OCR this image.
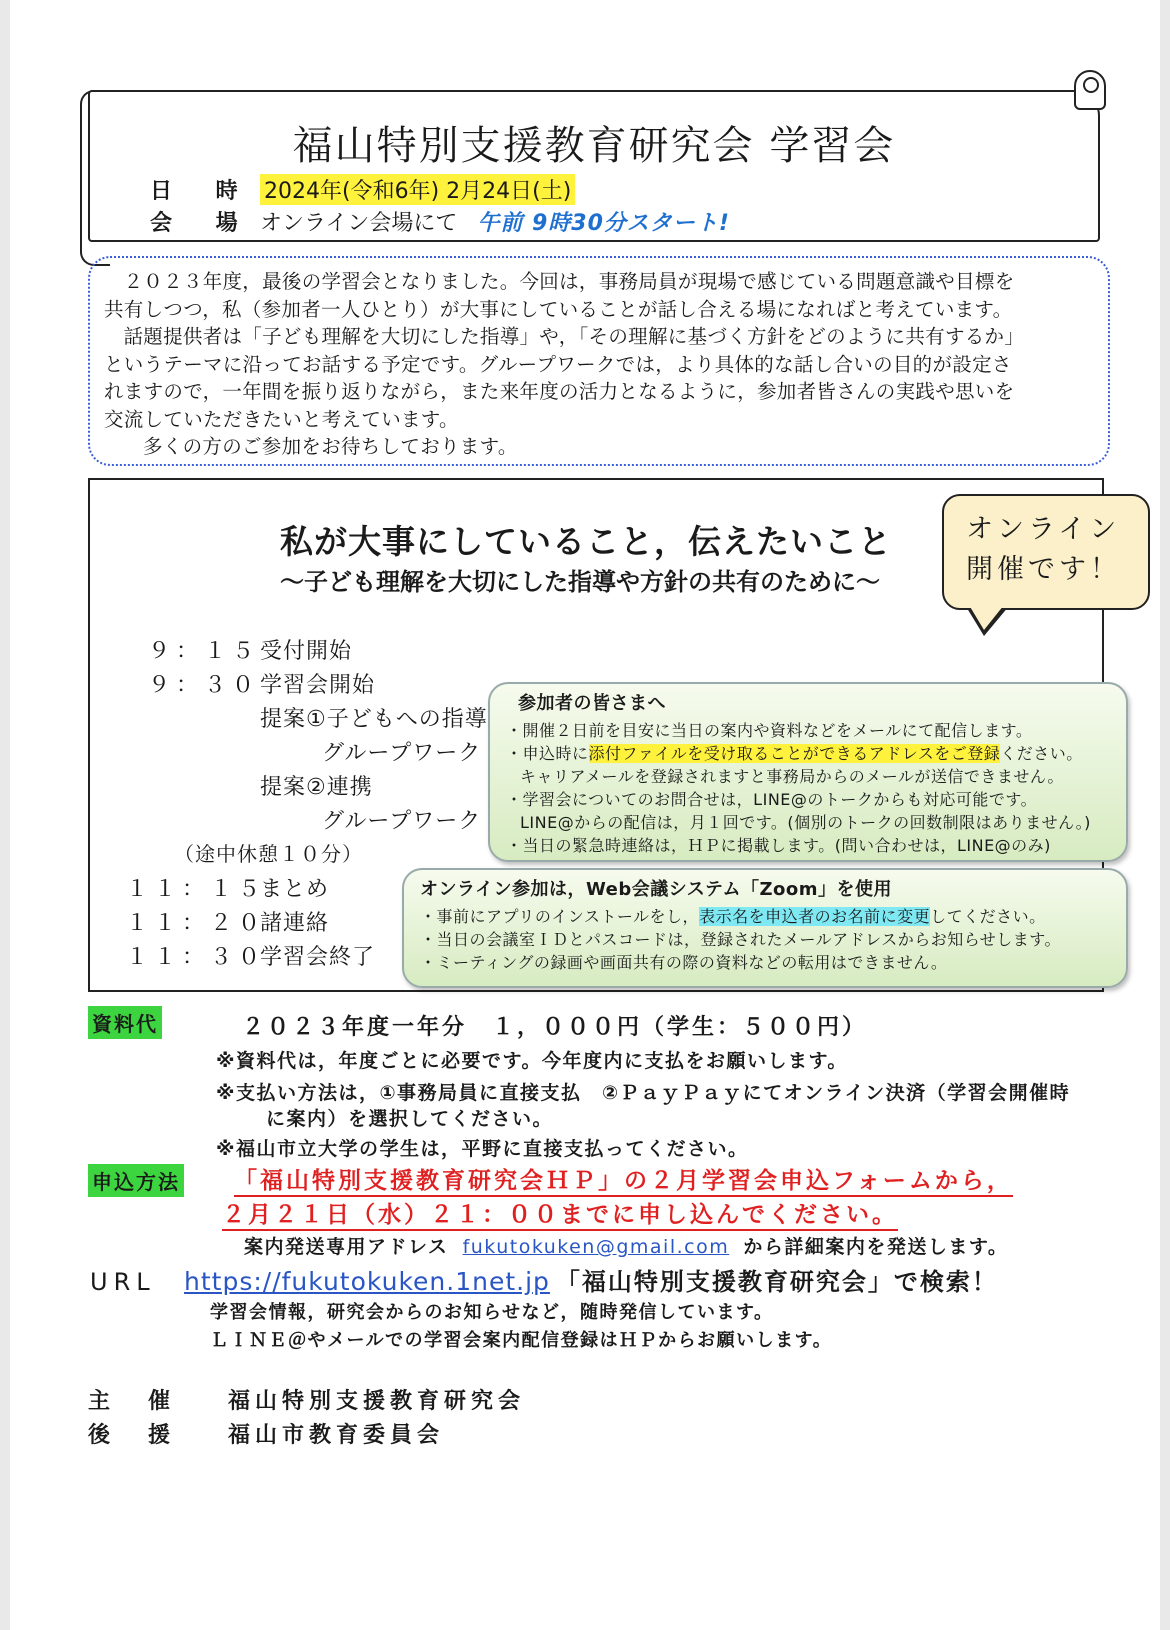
福山特別支援教育研究会 学習会
日 時 2024年(令和6年) 2月24日(土)
会 場 オンライン会場にて 午前 9時30分スタート!

２０２３年度，最後の学習会となりました。今回は，事務局員が現場で感じている問題意識や目標を

共有しつつ，私（参加者一人ひとり）が大事にしていることが話し合える場になればと考えています。

話題提供者は「子ども理解を大切にした指導」や，「その理解に基づく方針をどのように共有するか」

というテーマに沿ってお話する予定です。グループワークでは，より具体的な話し合いの目的が設定さ

れますので，一年間を振り返りながら，また来年度の活力となるように，参加者皆さんの実践や思いを

交流していただきたいと考えています。

多くの方のご参加をお待ちしております。

私が大事にしていること，伝えたいこと
～子ども理解を大切にした指導や方針の共有のために～
９：１５受付開始
９：３０学習会開始
提案①子どもへの指導
グループワーク
提案②連携
グループワーク
（途中休憩１０分）
１１：１５まとめ
１１：２０諸連絡
１１：３０学習会終了
オンライン
開催です！
参加者の皆さまへ
・開催２日前を目安に当日の案内や資料などをメールにて配信します。
・申込時に添付ファイルを受け取ることができるアドレスをご登録ください。
キャリアメールを登録されますと事務局からのメールが送信できません。
・学習会についてのお問合せは，LINE@のトークからも対応可能です。
LINE@からの配信は，月１回です。(個別のトークの回数制限はありません。)
・当日の緊急時連絡は，ＨＰに掲載します。(問い合わせは，LINE@のみ)
オンライン参加は，Web会議システム「Zoom」を使用
・事前にアプリのインストールをし，表示名を申込者のお名前に変更してください。
・当日の会議室ＩＤとパスコードは，登録されたメールアドレスからお知らせします。
・ミーティングの録画や画面共有の際の資料などの転用はできません。
資料代	２０２３年度一年分　１，０００円（学生：５００円）
※資料代は，年度ごとに必要です。今年度内に支払をお願いします。
※支払い方法は，①事務局員に直接支払　②ＰａｙＰａｙにてオンライン決済（学習会開催時
に案内）を選択してください。
※福山市立大学の学生は，平野に直接支払ってください。
申込方法 「福山特別支援教育研究会ＨＰ」の２月学習会申込フォームから，
２月２１日（水）２１：００までに申し込んでください。
案内発送専用アドレス fukutokuken@gmail.com から詳細案内を発送します。
URL	https://fukutokuken.1net.jp 「福山特別支援教育研究会」で検索！
学習会情報，研究会からのお知らせなど，随時発信しています。
ＬＩＮＥ＠やメールでの学習会案内配信登録はＨＰからお願いします。
主催 福山特別支援教育研究会
後援 福山市教育委員会
